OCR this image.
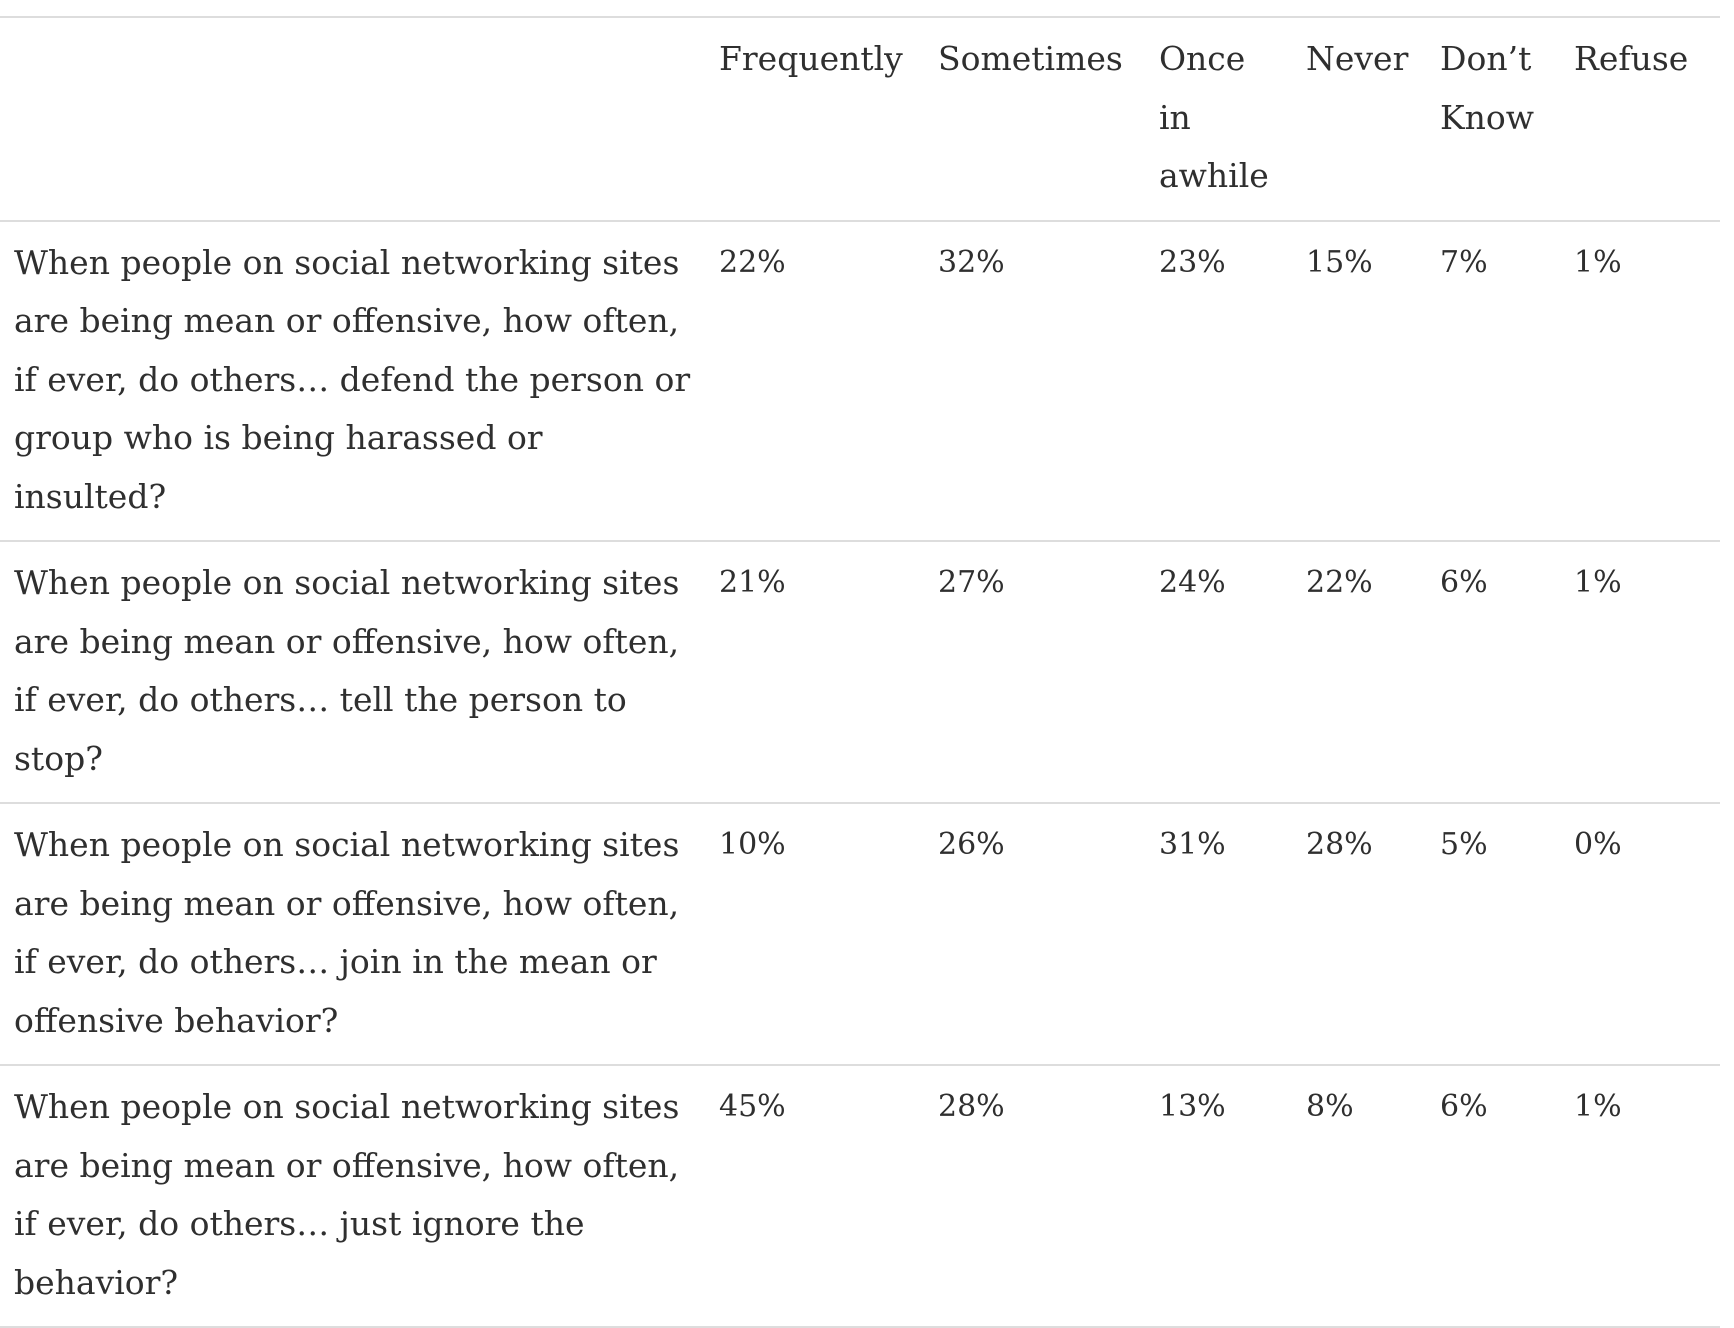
	Frequently	Sometimes	Once in awhile	Never	Don’t Know	Refuse
When people on social networking sites are being mean or offensive, how often, if ever, do others… defend the person or group who is being harassed or insulted?	22%	32%	23%	15%	7%	1%
When people on social networking sites are being mean or offensive, how often, if ever, do others… tell the person to stop?	21%	27%	24%	22%	6%	1%
When people on social networking sites are being mean or offensive, how often, if ever, do others… join in the mean or offensive behavior?	10%	26%	31%	28%	5%	0%
When people on social networking sites are being mean or offensive, how often, if ever, do others… just ignore the behavior?	45%	28%	13%	8%	6%	1%
